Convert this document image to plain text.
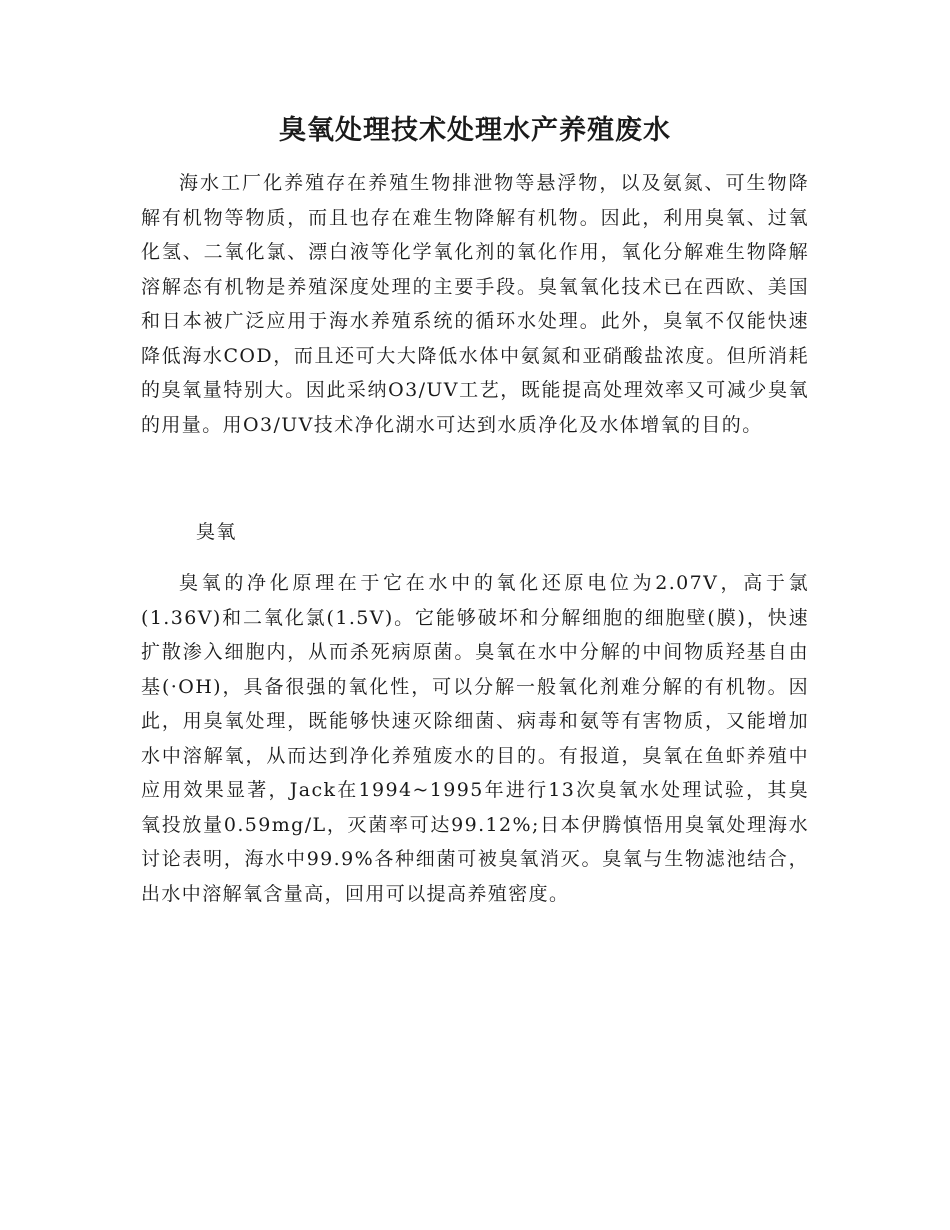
臭氧处理技术处理水产养殖废水

海水工厂化养殖存在养殖生物排泄物等悬浮物，以及氨氮、可生物降解有机物等物质，而且也存在难生物降解有机物。因此，利用臭氧、过氧化氢、二氧化氯、漂白液等化学氧化剂的氧化作用，氧化分解难生物降解溶解态有机物是养殖深度处理的主要手段。臭氧氧化技术已在西欧、美国和日本被广泛应用于海水养殖系统的循环水处理。此外，臭氧不仅能快速降低海水COD，而且还可大大降低水体中氨氮和亚硝酸盐浓度。但所消耗的臭氧量特别大。因此采纳O3/UV工艺，既能提高处理效率又可减少臭氧的用量。用O3/UV技术净化湖水可达到水质净化及水体增氧的目的。

臭氧

臭氧的净化原理在于它在水中的氧化还原电位为2.07V，高于氯(1.36V)和二氧化氯(1.5V)。它能够破坏和分解细胞的细胞壁(膜)，快速扩散渗入细胞内，从而杀死病原菌。臭氧在水中分解的中间物质羟基自由基(·OH)，具备很强的氧化性，可以分解一般氧化剂难分解的有机物。因此，用臭氧处理，既能够快速灭除细菌、病毒和氨等有害物质，又能增加水中溶解氧，从而达到净化养殖废水的目的。有报道，臭氧在鱼虾养殖中应用效果显著，Jack在1994~1995年进行13次臭氧水处理试验，其臭氧投放量0.59mg/L，灭菌率可达99.12%;日本伊腾慎悟用臭氧处理海水讨论表明，海水中99.9%各种细菌可被臭氧消灭。臭氧与生物滤池结合，出水中溶解氧含量高，回用可以提高养殖密度。
